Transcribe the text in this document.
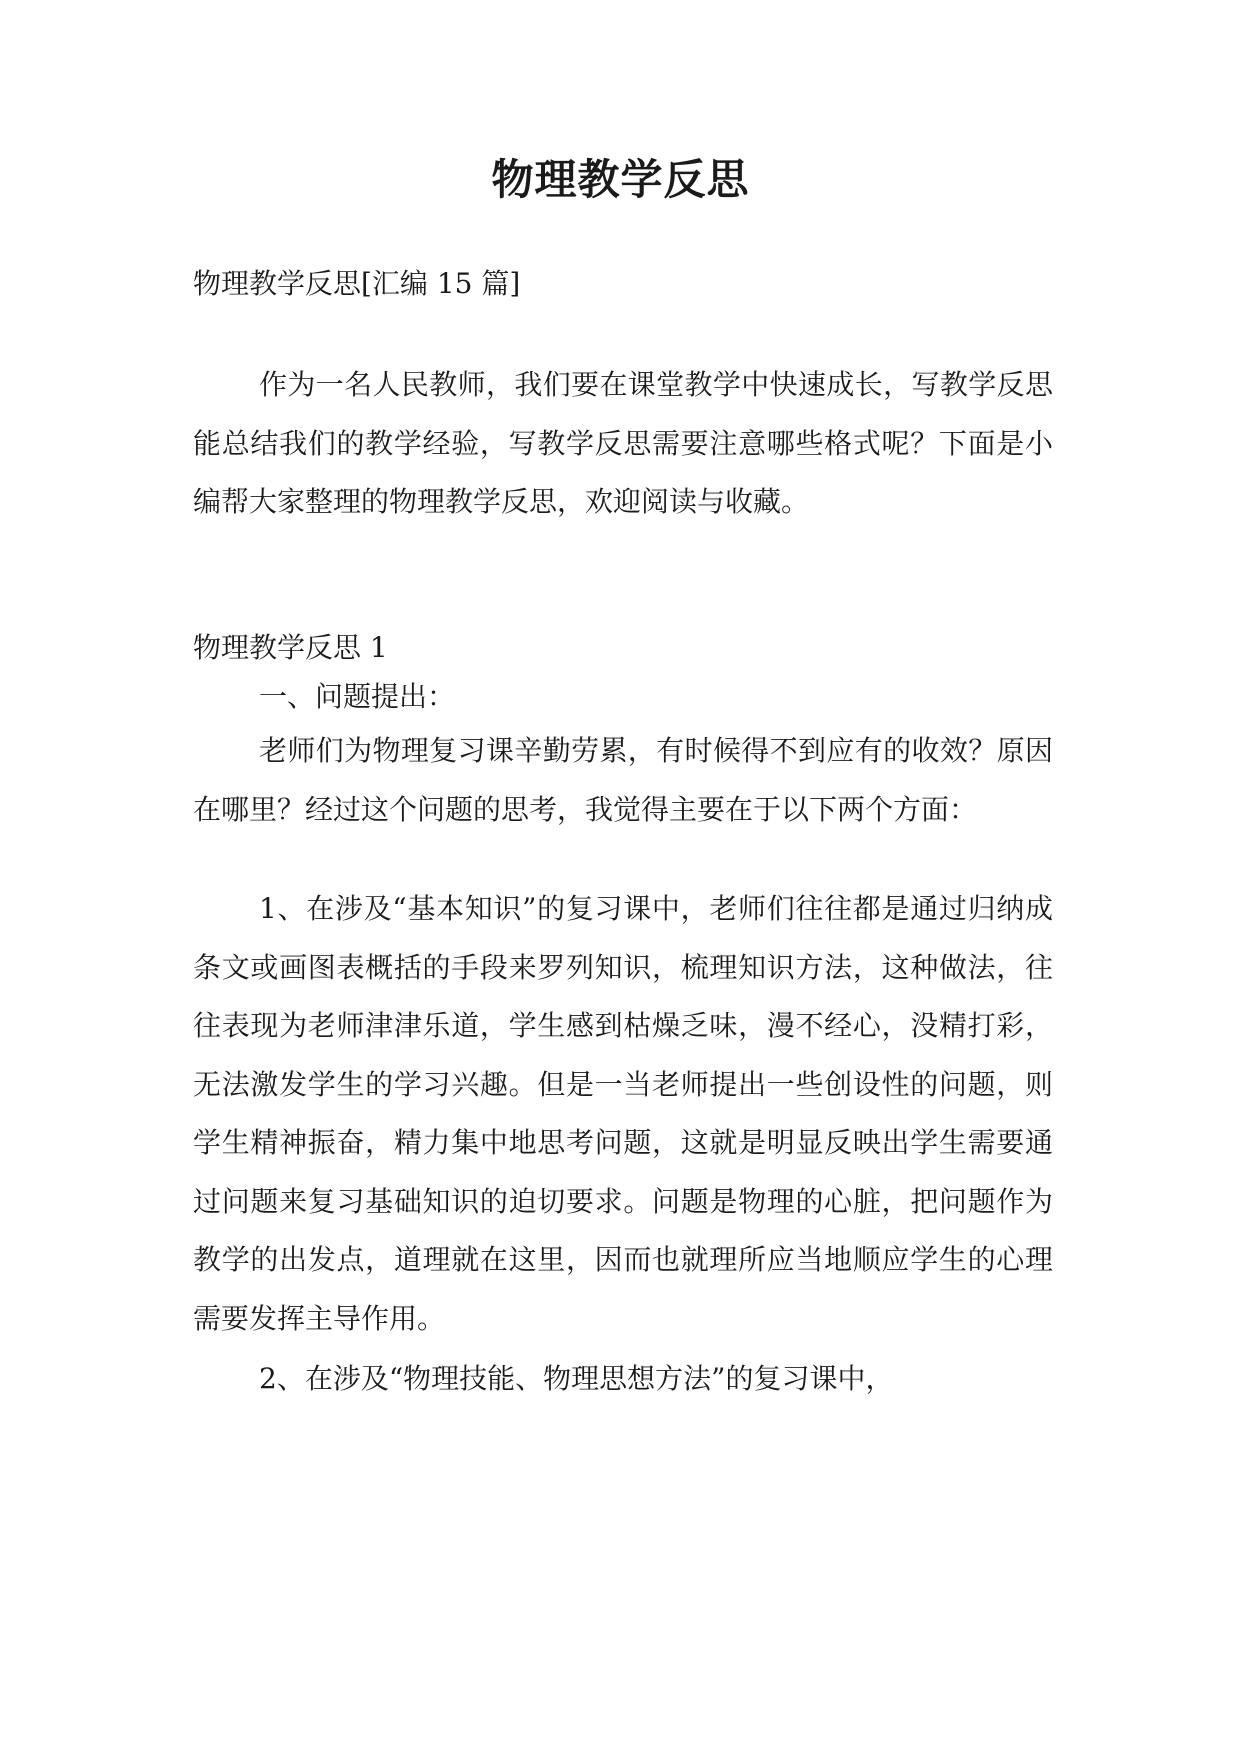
物理教学反思

物理教学反思[汇编 15 篇]

作为一名人民教师，我们要在课堂教学中快速成长，写教学反思能总结我们的教学经验，写教学反思需要注意哪些格式呢？下面是小编帮大家整理的物理教学反思，欢迎阅读与收藏。

物理教学反思 1

一、问题提出：

老师们为物理复习课辛勤劳累，有时候得不到应有的收效？原因在哪里？经过这个问题的思考，我觉得主要在于以下两个方面：

1、在涉及“基本知识”的复习课中，老师们往往都是通过归纳成条文或画图表概括的手段来罗列知识，梳理知识方法，这种做法，往往表现为老师津津乐道，学生感到枯燥乏味，漫不经心，没精打彩，无法激发学生的学习兴趣。但是一当老师提出一些创设性的问题，则学生精神振奋，精力集中地思考问题，这就是明显反映出学生需要通过问题来复习基础知识的迫切要求。问题是物理的心脏，把问题作为教学的出发点，道理就在这里，因而也就理所应当地顺应学生的心理需要发挥主导作用。

2、在涉及“物理技能、物理思想方法”的复习课中，
